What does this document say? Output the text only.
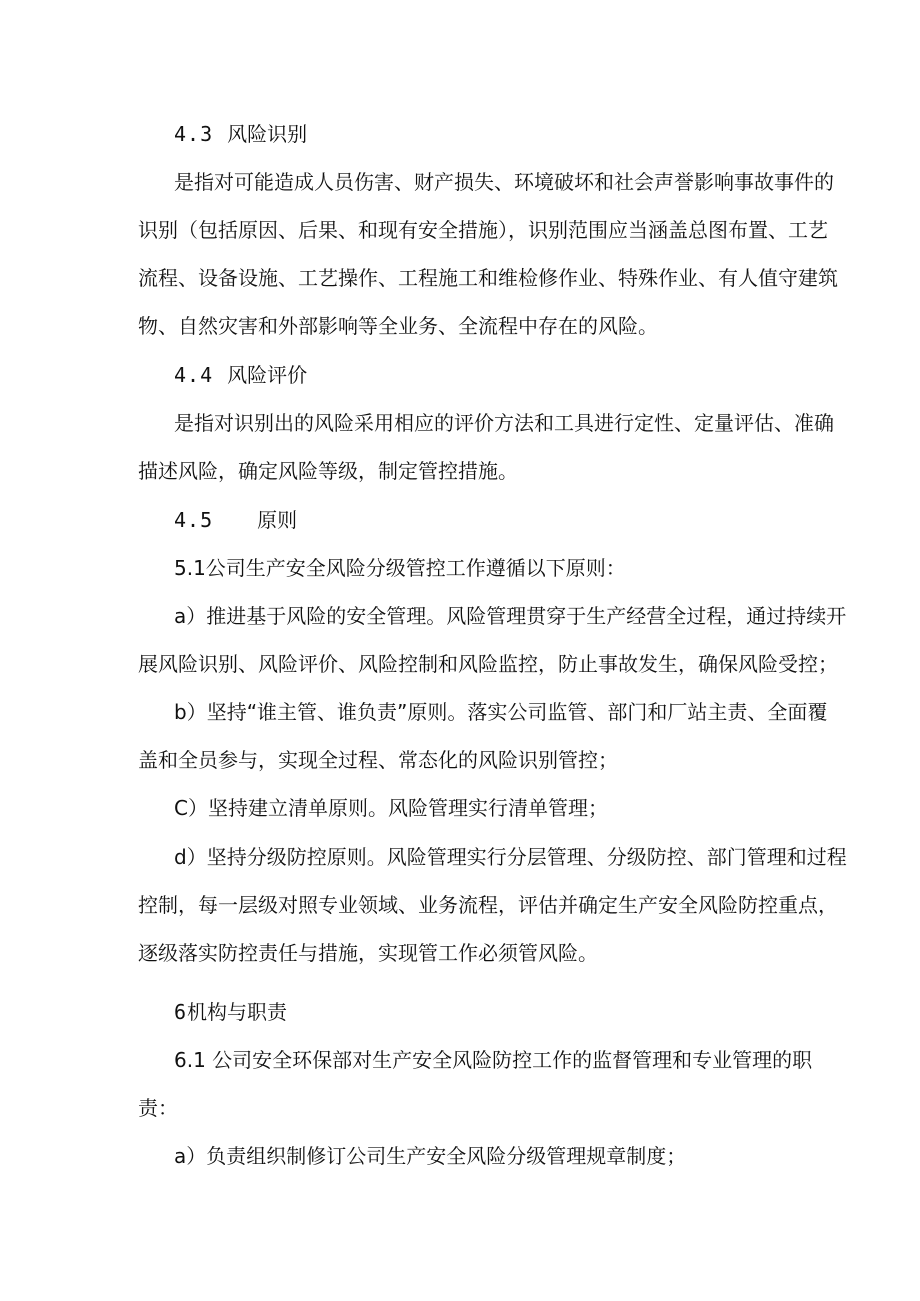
4.3 风险识别
是指对可能造成人员伤害、财产损失、环境破坏和社会声誉影响事故事件的
识别（包括原因、后果、和现有安全措施），识别范围应当涵盖总图布置、工艺
流程、设备设施、工艺操作、工程施工和维检修作业、特殊作业、有人值守建筑
物、自然灾害和外部影响等全业务、全流程中存在的风险。
4.4 风险评价
是指对识别出的风险采用相应的评价方法和工具进行定性、定量评估、准确
描述风险，确定风险等级，制定管控措施。
4.5 原则
5.1公司生产安全风险分级管控工作遵循以下原则：
a）推进基于风险的安全管理。风险管理贯穿于生产经营全过程，通过持续开
展风险识别、风险评价、风险控制和风险监控，防止事故发生，确保风险受控；
b）坚持“谁主管、谁负责”原则。落实公司监管、部门和厂站主责、全面覆
盖和全员参与，实现全过程、常态化的风险识别管控；
C）坚持建立清单原则。风险管理实行清单管理；
d）坚持分级防控原则。风险管理实行分层管理、分级防控、部门管理和过程
控制，每一层级对照专业领域、业务流程，评估并确定生产安全风险防控重点，
逐级落实防控责任与措施，实现管工作必须管风险。
6机构与职责
6.1 公司安全环保部对生产安全风险防控工作的监督管理和专业管理的职
责：
a）负责组织制修订公司生产安全风险分级管理规章制度；
